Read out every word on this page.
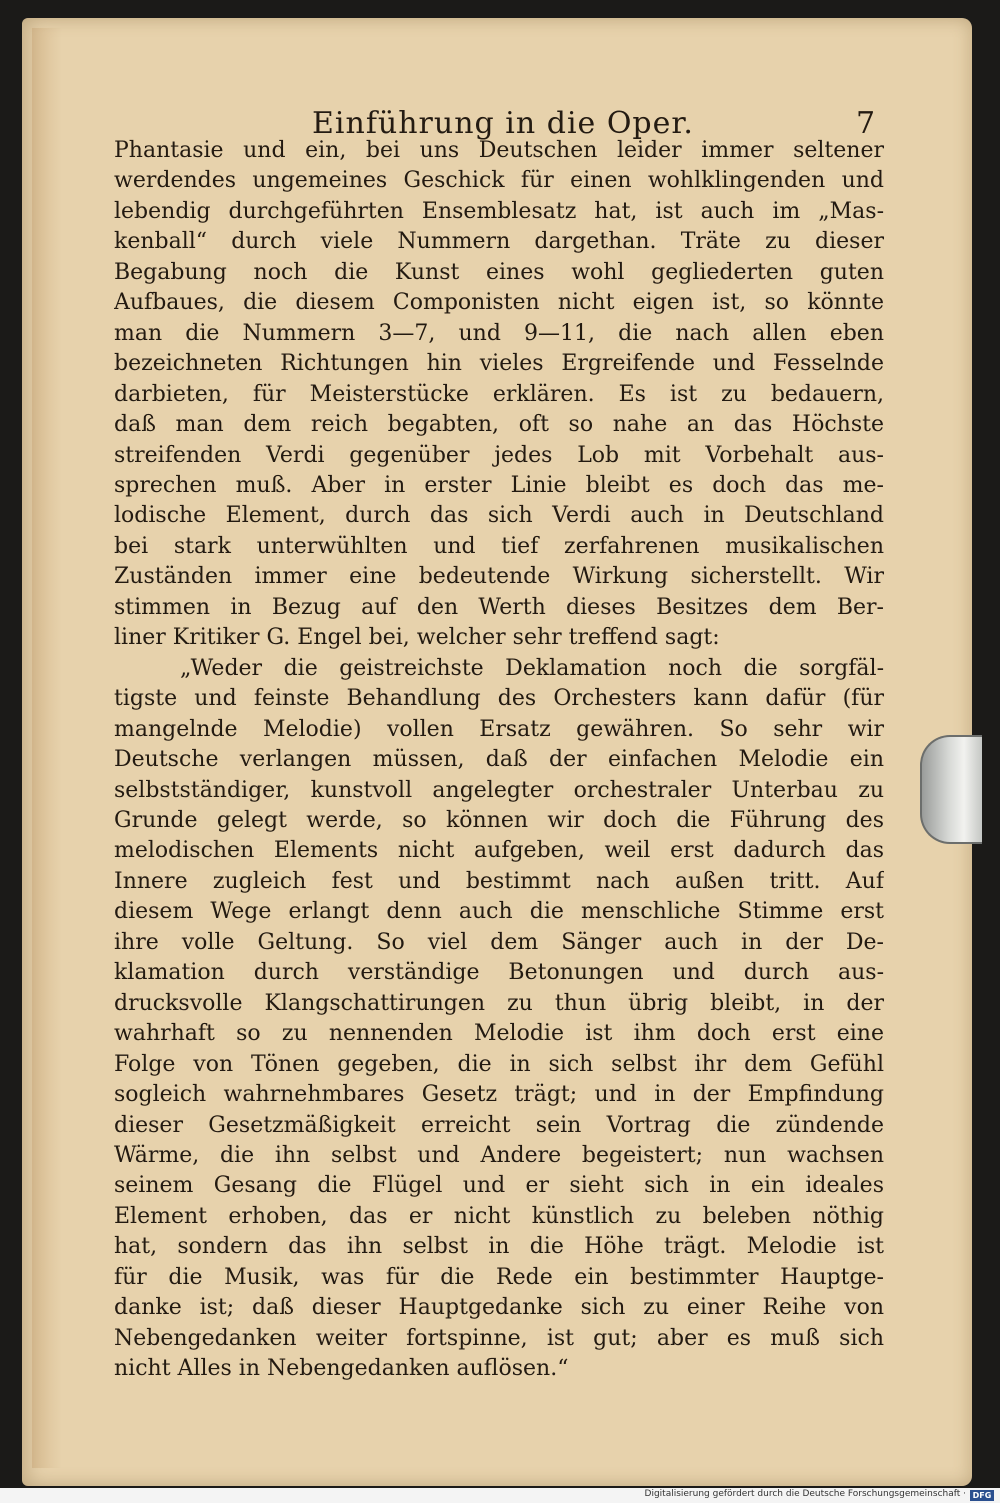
Einführung in die Oper.	7
Phantasie und ein, bei uns Deutschen leider immer seltener
werdendes ungemeines Geschick für einen wohlklingenden und
lebendig durchgeführten Ensemblesatz hat, ist auch im „Mas-
kenball“ durch viele Nummern dargethan. Träte zu dieser
Begabung noch die Kunst eines wohl gegliederten guten
Aufbaues, die diesem Componisten nicht eigen ist, so könnte
man die Nummern 3—7, und 9—11, die nach allen eben
bezeichneten Richtungen hin vieles Ergreifende und Fesselnde
darbieten, für Meisterstücke erklären. Es ist zu bedauern,
daß man dem reich begabten, oft so nahe an das Höchste
streifenden Verdi gegenüber jedes Lob mit Vorbehalt aus-
sprechen muß. Aber in erster Linie bleibt es doch das me-
lodische Element, durch das sich Verdi auch in Deutschland
bei stark unterwühlten und tief zerfahrenen musikalischen
Zuständen immer eine bedeutende Wirkung sicherstellt. Wir
stimmen in Bezug auf den Werth dieses Besitzes dem Ber-
liner Kritiker G. Engel bei, welcher sehr treffend sagt:
„Weder die geistreichste Deklamation noch die sorgfäl-
tigste und feinste Behandlung des Orchesters kann dafür (für
mangelnde Melodie) vollen Ersatz gewähren. So sehr wir
Deutsche verlangen müssen, daß der einfachen Melodie ein
selbstständiger, kunstvoll angelegter orchestraler Unterbau zu
Grunde gelegt werde, so können wir doch die Führung des
melodischen Elements nicht aufgeben, weil erst dadurch das
Innere zugleich fest und bestimmt nach außen tritt. Auf
diesem Wege erlangt denn auch die menschliche Stimme erst
ihre volle Geltung. So viel dem Sänger auch in der De-
klamation durch verständige Betonungen und durch aus-
drucksvolle Klangschattirungen zu thun übrig bleibt, in der
wahrhaft so zu nennenden Melodie ist ihm doch erst eine
Folge von Tönen gegeben, die in sich selbst ihr dem Gefühl
sogleich wahrnehmbares Gesetz trägt; und in der Empfindung
dieser Gesetzmäßigkeit erreicht sein Vortrag die zündende
Wärme, die ihn selbst und Andere begeistert; nun wachsen
seinem Gesang die Flügel und er sieht sich in ein ideales
Element erhoben, das er nicht künstlich zu beleben nöthig
hat, sondern das ihn selbst in die Höhe trägt. Melodie ist
für die Musik, was für die Rede ein bestimmter Hauptge-
danke ist; daß dieser Hauptgedanke sich zu einer Reihe von
Nebengedanken weiter fortspinne, ist gut; aber es muß sich
nicht Alles in Nebengedanken auflösen.“
Digitalisierung gefördert durch die Deutsche Forschungsgemeinschaft · DFG
